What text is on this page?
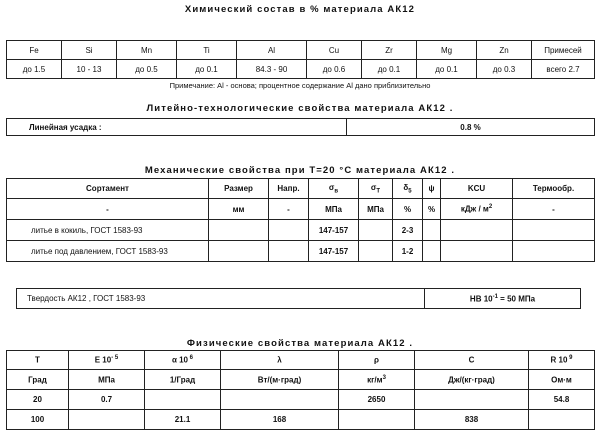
Химический состав в % материала АК12
Fe	Si	Mn	Ti	Al	Cu	Zr	Mg	Zn	Примесей
до 1.5	10 - 13	до 0.5	до 0.1	84.3 - 90	до 0.6	до 0.1	до 0.1	до 0.3	всего 2.7
Примечание: Al - основа; процентное содержание Al дано приблизительно
Литейно-технологические свойства материала АК12 .
Линейная усадка :	0.8 %
Механические свойства при Т=20 °С материала АК12 .
Сортамент	Размер	Напр.	$\sigma_в$	$\sigma_T$	$\delta_5$	ψ	KCU	Термообр.
-	мм	-	МПа	МПа	%	%	кДж / $м^2$	-
литье в кокиль, ГОСТ 1583-93			147-157		2-3			
литье под давлением, ГОСТ 1583-93			147-157		1-2			
Твердость АК12 , ГОСТ 1583-93	HB $10^{-1} = 50$ МПа
Физические свойства материала АК12 .
T	E $10^{- 5}$	α 10 $^6$	λ	ρ	C	R 10 $^9$
Град	МПа	1/Град	Вт/(м·град)	$кг/м^3$	Дж/(кг·град)	Ом·м
20	0.7			2650		54.8
100		21.1	168		838	
